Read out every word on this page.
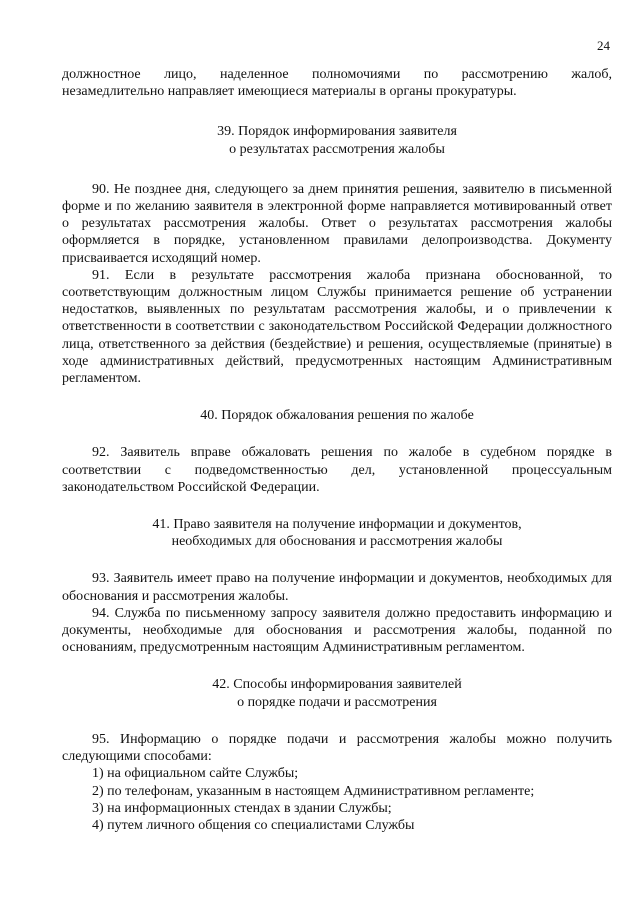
24

должностное лицо, наделенное полномочиями по рассмотрению жалоб,

незамедлительно направляет имеющиеся материалы в органы прокуратуры.

39. Порядок информирования заявителя

о результатах рассмотрения жалобы

90. Не позднее дня, следующего за днем принятия решения, заявителю в письменной форме и по желанию заявителя в электронной форме направляется мотивированный ответ о результатах рассмотрения жалобы. Ответ о результатах рассмотрения жалобы оформляется в порядке, установленном правилами делопроизводства. Документу присваивается исходящий номер.

91. Если в результате рассмотрения жалоба признана обоснованной, то соответствующим должностным лицом Службы принимается решение об устранении недостатков, выявленных по результатам рассмотрения жалобы, и о привлечении к ответственности в соответствии с законодательством Российской Федерации должностного лица, ответственного за действия (бездействие) и решения, осуществляемые (принятые) в ходе административных действий, предусмотренных настоящим Административным регламентом.

40. Порядок обжалования решения по жалобе

92. Заявитель вправе обжаловать решения по жалобе в судебном порядке в соответствии с подведомственностью дел, установленной процессуальным законодательством Российской Федерации.

41. Право заявителя на получение информации и документов,

необходимых для обоснования и рассмотрения жалобы

93. Заявитель имеет право на получение информации и документов, необходимых для обоснования и рассмотрения жалобы.

94. Служба по письменному запросу заявителя должно предоставить информацию и документы, необходимые для обоснования и рассмотрения жалобы, поданной по основаниям, предусмотренным настоящим Административным регламентом.

42. Способы информирования заявителей

о порядке подачи и рассмотрения

95. Информацию о порядке подачи и рассмотрения жалобы можно получить следующими способами:

1) на официальном сайте Службы;

2) по телефонам, указанным в настоящем Административном регламенте;

3) на информационных стендах в здании Службы;

4) путем личного общения со специалистами Службы
